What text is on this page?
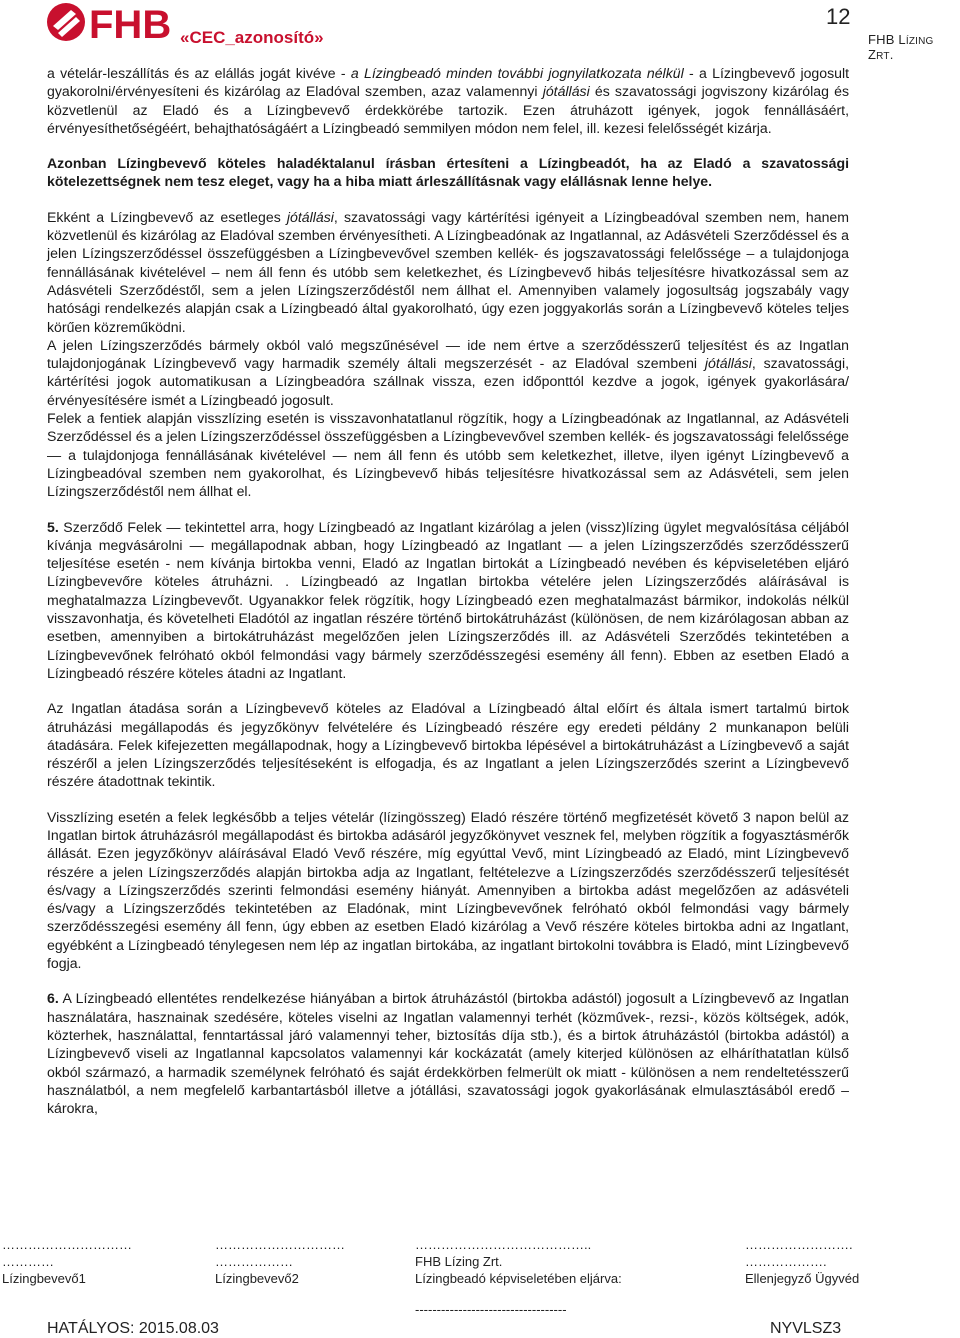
FHB «CEC_azonosító»
12
FHB LÍZING ZRT.

a vételár-leszállítás és az elállás jogát kivéve - a Lízingbeadó minden további jognyilatkozata nélkül - a Lízingbevevő jogosult gyakorolni/érvényesíteni és kizárólag az Eladóval szemben, azaz valamennyi jótállási és szavatossági jogviszony kizárólag és közvetlenül az Eladó és a Lízingbevevő érdekkörébe tartozik. Ezen átruházott igények, jogok fennállásáért, érvényesíthetőségéért, behajthatóságáért a Lízingbeadó semmilyen módon nem felel, ill. kezesi felelősségét kizárja.

Azonban Lízingbevevő köteles haladéktalanul írásban értesíteni a Lízingbeadót, ha az Eladó a szavatossági kötelezettségnek nem tesz eleget, vagy ha a hiba miatt árleszállításnak vagy elállásnak lenne helye.

Ekként a Lízingbevevő az esetleges jótállási, szavatossági vagy kártérítési igényeit a Lízingbeadóval szemben nem, hanem közvetlenül és kizárólag az Eladóval szemben érvényesítheti. A Lízingbeadónak az Ingatlannal, az Adásvételi Szerződéssel és a jelen Lízingszerződéssel összefüggésben a Lízingbevevővel szemben kellék- és jogszavatossági felelőssége – a tulajdonjoga fennállásának kivételével – nem áll fenn és utóbb sem keletkezhet, és Lízingbevevő hibás teljesítésre hivatkozással sem az Adásvételi Szerződéstől, sem a jelen Lízingszerződéstől nem állhat el. Amennyiben valamely jogosultság jogszabály vagy hatósági rendelkezés alapján csak a Lízingbeadó által gyakorolható, úgy ezen joggyakorlás során a Lízingbevevő köteles teljes körűen közreműködni.

A jelen Lízingszerződés bármely okból való megszűnésével — ide nem értve a szerződésszerű teljesítést és az Ingatlan tulajdonjogának Lízingbevevő vagy harmadik személy általi megszerzését - az Eladóval szembeni jótállási, szavatossági, kártérítési jogok automatikusan a Lízingbeadóra szállnak vissza, ezen időponttól kezdve a jogok, igények gyakorlására/érvényesítésére ismét a Lízingbeadó jogosult.

Felek a fentiek alapján visszlízing esetén is visszavonhatatlanul rögzítik, hogy a Lízingbeadónak az Ingatlannal, az Adásvételi Szerződéssel és a jelen Lízingszerződéssel összefüggésben a Lízingbevevővel szemben kellék- és jogszavatossági felelőssége — a tulajdonjoga fennállásának kivételével — nem áll fenn és utóbb sem keletkezhet, illetve, ilyen igényt Lízingbevevő a Lízingbeadóval szemben nem gyakorolhat, és Lízingbevevő hibás teljesítésre hivatkozással sem az Adásvételi, sem jelen Lízingszerződéstől nem állhat el.

5. Szerződő Felek — tekintettel arra, hogy Lízingbeadó az Ingatlant kizárólag a jelen (vissz)lízing ügylet megvalósítása céljából kívánja megvásárolni — megállapodnak abban, hogy Lízingbeadó az Ingatlant — a jelen Lízingszerződés szerződésszerű teljesítése esetén - nem kívánja birtokba venni, Eladó az Ingatlan birtokát a Lízingbeadó nevében és képviseletében eljáró Lízingbevevőre köteles átruházni. . Lízingbeadó az Ingatlan birtokba vételére jelen Lízingszerződés aláírásával is meghatalmazza Lízingbevevőt. Ugyanakkor felek rögzítik, hogy Lízingbeadó ezen meghatalmazást bármikor, indokolás nélkül visszavonhatja, és követelheti Eladótól az ingatlan részére történő birtokátruházást (különösen, de nem kizárólagosan abban az esetben, amennyiben a birtokátruházást megelőzően jelen Lízingszerződés ill. az Adásvételi Szerződés tekintetében a Lízingbevevőnek felróható okból felmondási vagy bármely szerződésszegési esemény áll fenn). Ebben az esetben Eladó a Lízingbeadó részére köteles átadni az Ingatlant.

Az Ingatlan átadása során a Lízingbevevő köteles az Eladóval a Lízingbeadó által előírt és általa ismert tartalmú birtok átruházási megállapodás és jegyzőkönyv felvételére és Lízingbeadó részére egy eredeti példány 2 munkanapon belüli átadására. Felek kifejezetten megállapodnak, hogy a Lízingbevevő birtokba lépésével a birtokátruházást a Lízingbevevő a saját részéről a jelen Lízingszerződés teljesítéseként is elfogadja, és az Ingatlant a jelen Lízingszerződés szerint a Lízingbevevő részére átadottnak tekintik.

Visszlízing esetén a felek legkésőbb a teljes vételár (lízingösszeg) Eladó részére történő megfizetését követő 3 napon belül az Ingatlan birtok átruházásról megállapodást és birtokba adásáról jegyzőkönyvet vesznek fel, melyben rögzítik a fogyasztásmérők állását. Ezen jegyzőkönyv aláírásával Eladó Vevő részére, míg egyúttal Vevő, mint Lízingbeadó az Eladó, mint Lízingbevevő részére a jelen Lízingszerződés alapján birtokba adja az Ingatlant, feltételezve a Lízingszerződés szerződésszerű teljesítését és/vagy a Lízingszerződés szerinti felmondási esemény hiányát. Amennyiben a birtokba adást megelőzően az adásvételi és/vagy a Lízingszerződés tekintetében az Eladónak, mint Lízingbevevőnek felróható okból felmondási vagy bármely szerződésszegési esemény áll fenn, úgy ebben az esetben Eladó kizárólag a Vevő részére köteles birtokba adni az Ingatlant, egyébként a Lízingbeadó ténylegesen nem lép az ingatlan birtokába, az ingatlant birtokolni továbbra is Eladó, mint Lízingbevevő fogja.

6. A Lízingbeadó ellentétes rendelkezése hiányában a birtok átruházástól (birtokba adástól) jogosult a Lízingbevevő az Ingatlan használatára, hasznainak szedésére, köteles viselni az Ingatlan valamennyi terhét (közművek-, rezsi-, közös költségek, adók, közterhek, használattal, fenntartással járó valamennyi teher, biztosítás díja stb.), és a birtok átruházástól (birtokba adástól) a Lízingbevevő viseli az Ingatlannal kapcsolatos valamennyi kár kockázatát (amely kiterjed különösen az elháríthatatlan külső okból származó, a harmadik személynek felróható és saját érdekkörben felmerült ok miatt - különösen a nem rendeltetésszerű használatból, a nem megfelelő karbantartásból illetve a jótállási, szavatossági jogok gyakorlásának elmulasztásából eredő – károkra,

…………………………
…………
Lízingbevevő1
…………………………
………………
Lízingbevevő2
…………………………………..
FHB Lízing Zrt.
Lízingbeadó képviseletében eljárva:
-----------------------------------
…………………….
……………….
Ellenjegyző Ügyvéd
HATÁLYOS: 2015.08.03	NYVLSZ3
